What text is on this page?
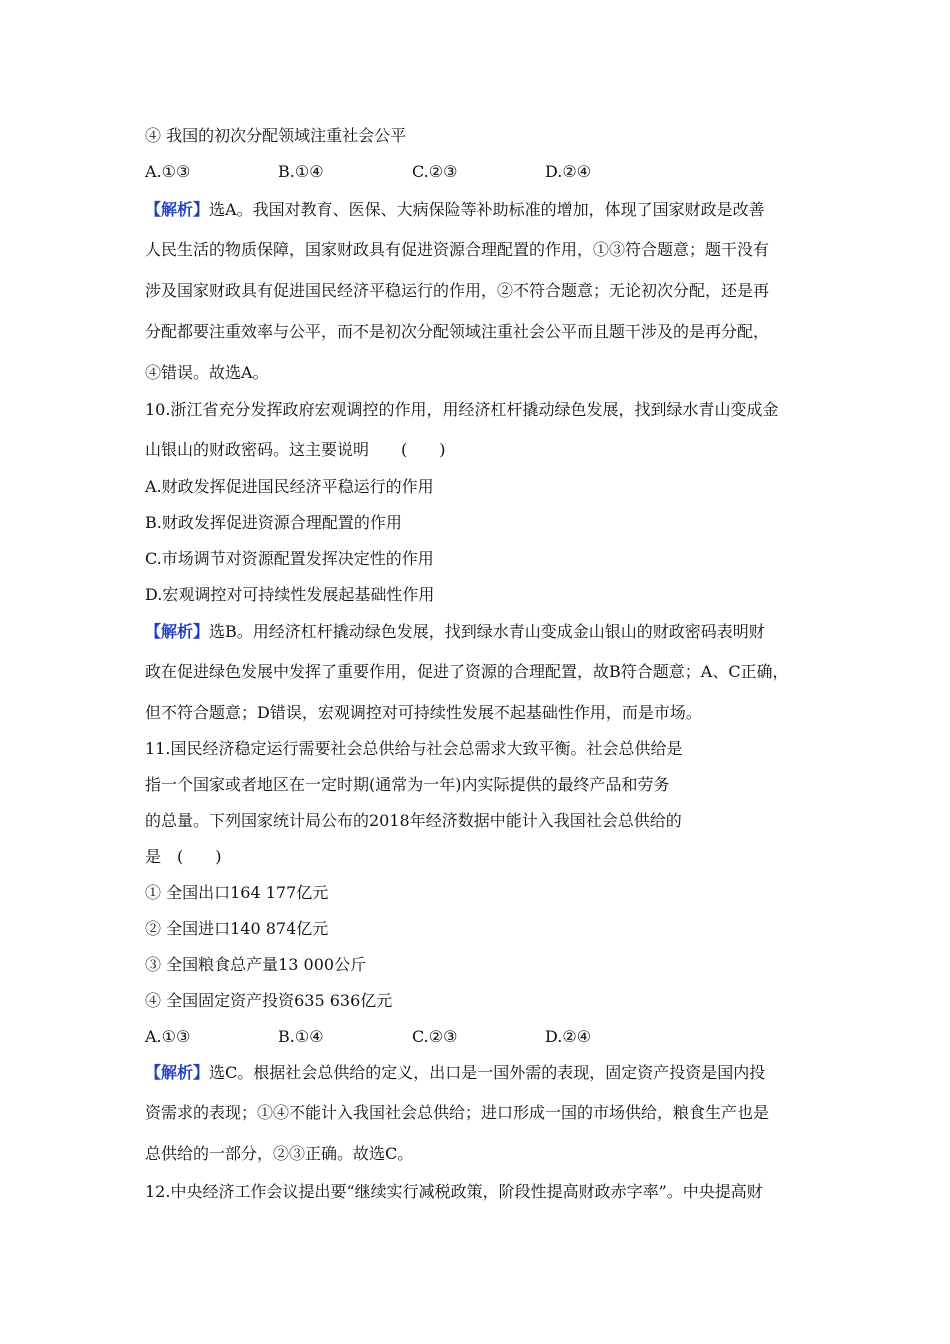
④ 我国的初次分配领域注重社会公平
A.①③	B.①④	C.②③	D.②④
【解析】选A。我国对教育、医保、大病保险等补助标准的增加，体现了国家财政是改善
人民生活的物质保障，国家财政具有促进资源合理配置的作用，①③符合题意；题干没有
涉及国家财政具有促进国民经济平稳运行的作用，②不符合题意；无论初次分配，还是再
分配都要注重效率与公平，而不是初次分配领域注重社会公平而且题干涉及的是再分配，
④错误。故选A。
10.浙江省充分发挥政府宏观调控的作用，用经济杠杆撬动绿色发展，找到绿水青山变成金
山银山的财政密码。这主要说明　　(　　)
A.财政发挥促进国民经济平稳运行的作用
B.财政发挥促进资源合理配置的作用
C.市场调节对资源配置发挥决定性的作用
D.宏观调控对可持续性发展起基础性作用
【解析】选B。用经济杠杆撬动绿色发展，找到绿水青山变成金山银山的财政密码表明财
政在促进绿色发展中发挥了重要作用，促进了资源的合理配置，故B符合题意；A、C正确，
但不符合题意；D错误，宏观调控对可持续性发展不起基础性作用，而是市场。
11.国民经济稳定运行需要社会总供给与社会总需求大致平衡。社会总供给是
指一个国家或者地区在一定时期(通常为一年)内实际提供的最终产品和劳务
的总量。下列国家统计局公布的2018年经济数据中能计入我国社会总供给的
是　(　　)
① 全国出口164 177亿元
② 全国进口140 874亿元
③ 全国粮食总产量13 000公斤
④ 全国固定资产投资635 636亿元
A.①③	B.①④	C.②③	D.②④
【解析】选C。根据社会总供给的定义，出口是一国外需的表现，固定资产投资是国内投
资需求的表现；①④不能计入我国社会总供给；进口形成一国的市场供给，粮食生产也是
总供给的一部分，②③正确。故选C。
12.中央经济工作会议提出要“继续实行减税政策，阶段性提高财政赤字率”。中央提高财
